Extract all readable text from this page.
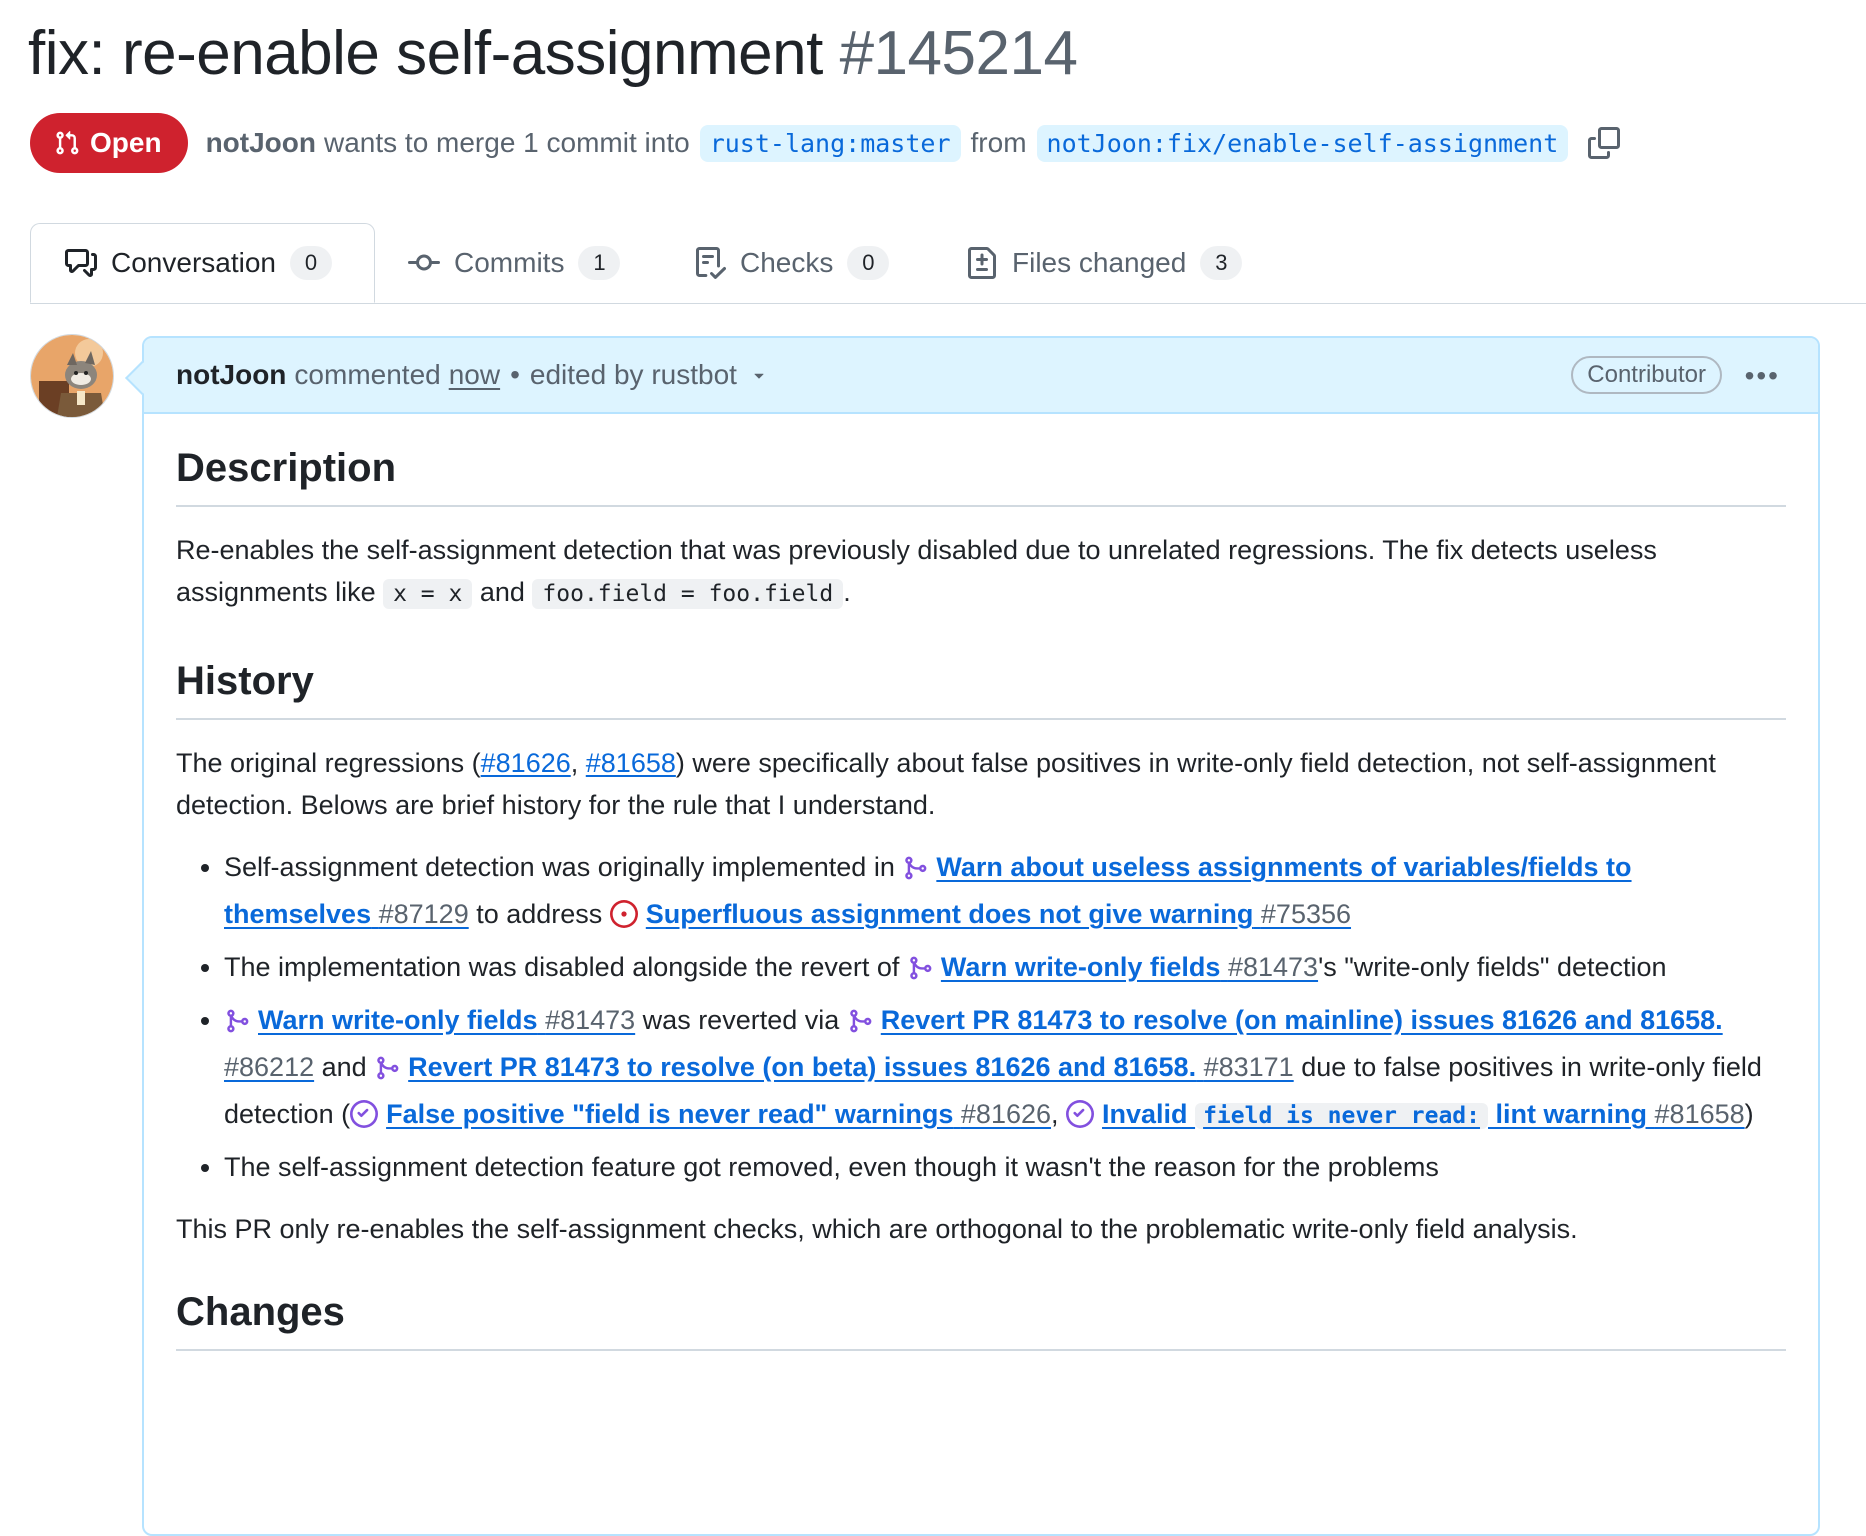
fix: re-enable self-assignment #145214
Open notJoon wants to merge 1 commit into rust-lang:master from notJoon:fix/enable-self-assignment
Conversation	0	Commits	1	Checks	0	Files changed	3
notJoon commented now • edited by rustbot	Contributor	•••
Description

Re-enables the self-assignment detection that was previously disabled due to unrelated regressions. The fix detects useless assignments like x = x and foo.field = foo.field .

History

The original regressions (#81626, #81658) were specifically about false positives in write-only field detection, not self-assignment detection. Belows are brief history for the rule that I understand.

• Self-assignment detection was originally implemented in Warn about useless assignments of variables/fields to themselves #87129 to address Superfluous assignment does not give warning #75356
• The implementation was disabled alongside the revert of Warn write-only fields #81473's "write-only fields" detection
• Warn write-only fields #81473 was reverted via Revert PR 81473 to resolve (on mainline) issues 81626 and 81658. #86212 and Revert PR 81473 to resolve (on beta) issues 81626 and 81658. #83171 due to false positives in write-only field detection ( False positive "field is never read" warnings #81626, Invalid field is never read: lint warning #81658)
• The self-assignment detection feature got removed, even though it wasn't the reason for the problems

This PR only re-enables the self-assignment checks, which are orthogonal to the problematic write-only field analysis.

Changes
